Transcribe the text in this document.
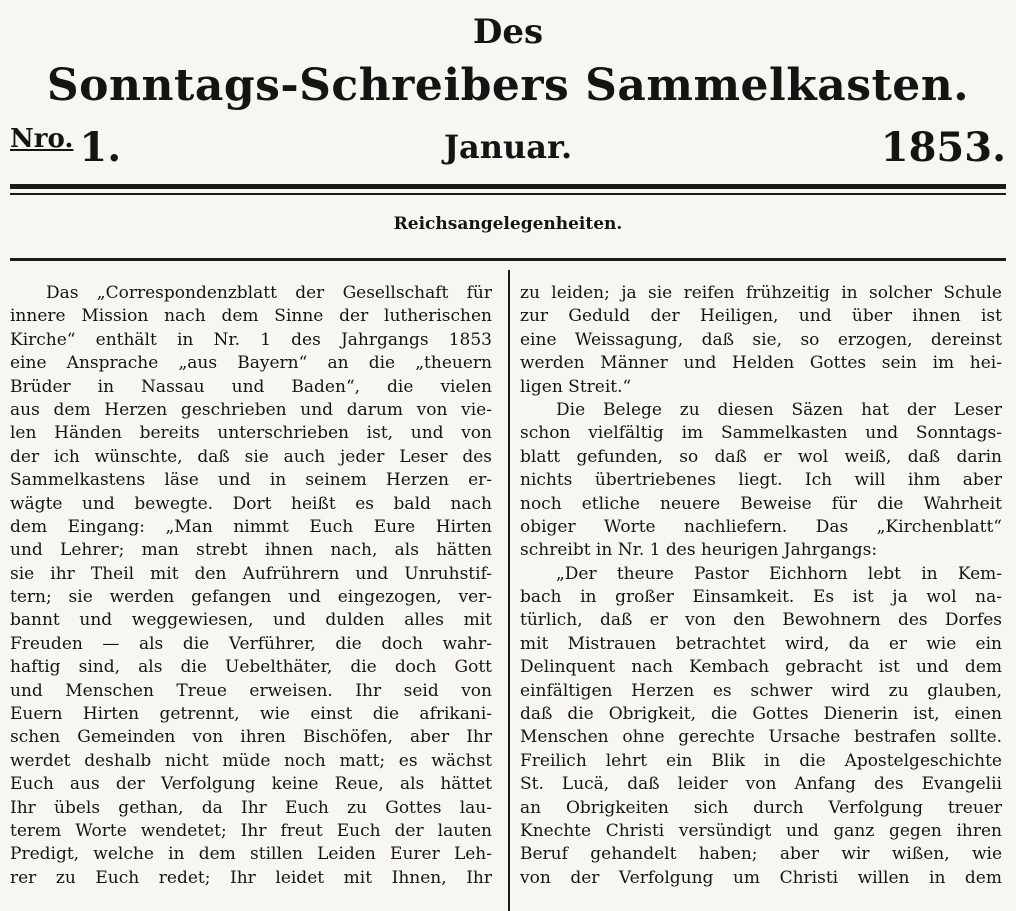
Des
Sonntags-Schreibers Sammelkasten.
$^{Nro.}$ 1.	Januar.	1853.
Reichsangelegenheiten.
Das „Correspondenzblatt der Gesellschaft für
innere Mission nach dem Sinne der lutherischen
Kirche“ enthält in Nr. 1 des Jahrgangs 1853
eine Ansprache „aus Bayern“ an die „theuern
Brüder in Nassau und Baden“, die vielen
aus dem Herzen geschrieben und darum von vie-
len Händen bereits unterschrieben ist, und von
der ich wünschte, daß sie auch jeder Leser des
Sammelkastens läse und in seinem Herzen er-
wägte und bewegte. Dort heißt es bald nach
dem Eingang: „Man nimmt Euch Eure Hirten
und Lehrer; man strebt ihnen nach, als hätten
sie ihr Theil mit den Aufrührern und Unruhstif-
tern; sie werden gefangen und eingezogen, ver-
bannt und weggewiesen, und dulden alles mit
Freuden — als die Verführer, die doch wahr-
haftig sind, als die Uebelthäter, die doch Gott
und Menschen Treue erweisen. Ihr seid von
Euern Hirten getrennt, wie einst die afrikani-
schen Gemeinden von ihren Bischöfen, aber Ihr
werdet deshalb nicht müde noch matt; es wächst
Euch aus der Verfolgung keine Reue, als hättet
Ihr übels gethan, da Ihr Euch zu Gottes lau-
terem Worte wendetet; Ihr freut Euch der lauten
Predigt, welche in dem stillen Leiden Eurer Leh-
rer zu Euch redet; Ihr leidet mit Ihnen, Ihr
zu leiden; ja sie reifen frühzeitig in solcher Schule
zur Geduld der Heiligen, und über ihnen ist
eine Weissagung, daß sie, so erzogen, dereinst
werden Männer und Helden Gottes sein im hei-
ligen Streit.“
Die Belege zu diesen Säzen hat der Leser
schon vielfältig im Sammelkasten und Sonntags-
blatt gefunden, so daß er wol weiß, daß darin
nichts übertriebenes liegt. Ich will ihm aber
noch etliche neuere Beweise für die Wahrheit
obiger Worte nachliefern. Das „Kirchenblatt“
schreibt in Nr. 1 des heurigen Jahrgangs:
„Der theure Pastor Eichhorn lebt in Kem-
bach in großer Einsamkeit. Es ist ja wol na-
türlich, daß er von den Bewohnern des Dorfes
mit Mistrauen betrachtet wird, da er wie ein
Delinquent nach Kembach gebracht ist und dem
einfältigen Herzen es schwer wird zu glauben,
daß die Obrigkeit, die Gottes Dienerin ist, einen
Menschen ohne gerechte Ursache bestrafen sollte.
Freilich lehrt ein Blik in die Apostelgeschichte
St. Lucä, daß leider von Anfang des Evangelii
an Obrigkeiten sich durch Verfolgung treuer
Knechte Christi versündigt und ganz gegen ihren
Beruf gehandelt haben; aber wir wißen, wie
von der Verfolgung um Christi willen in dem
